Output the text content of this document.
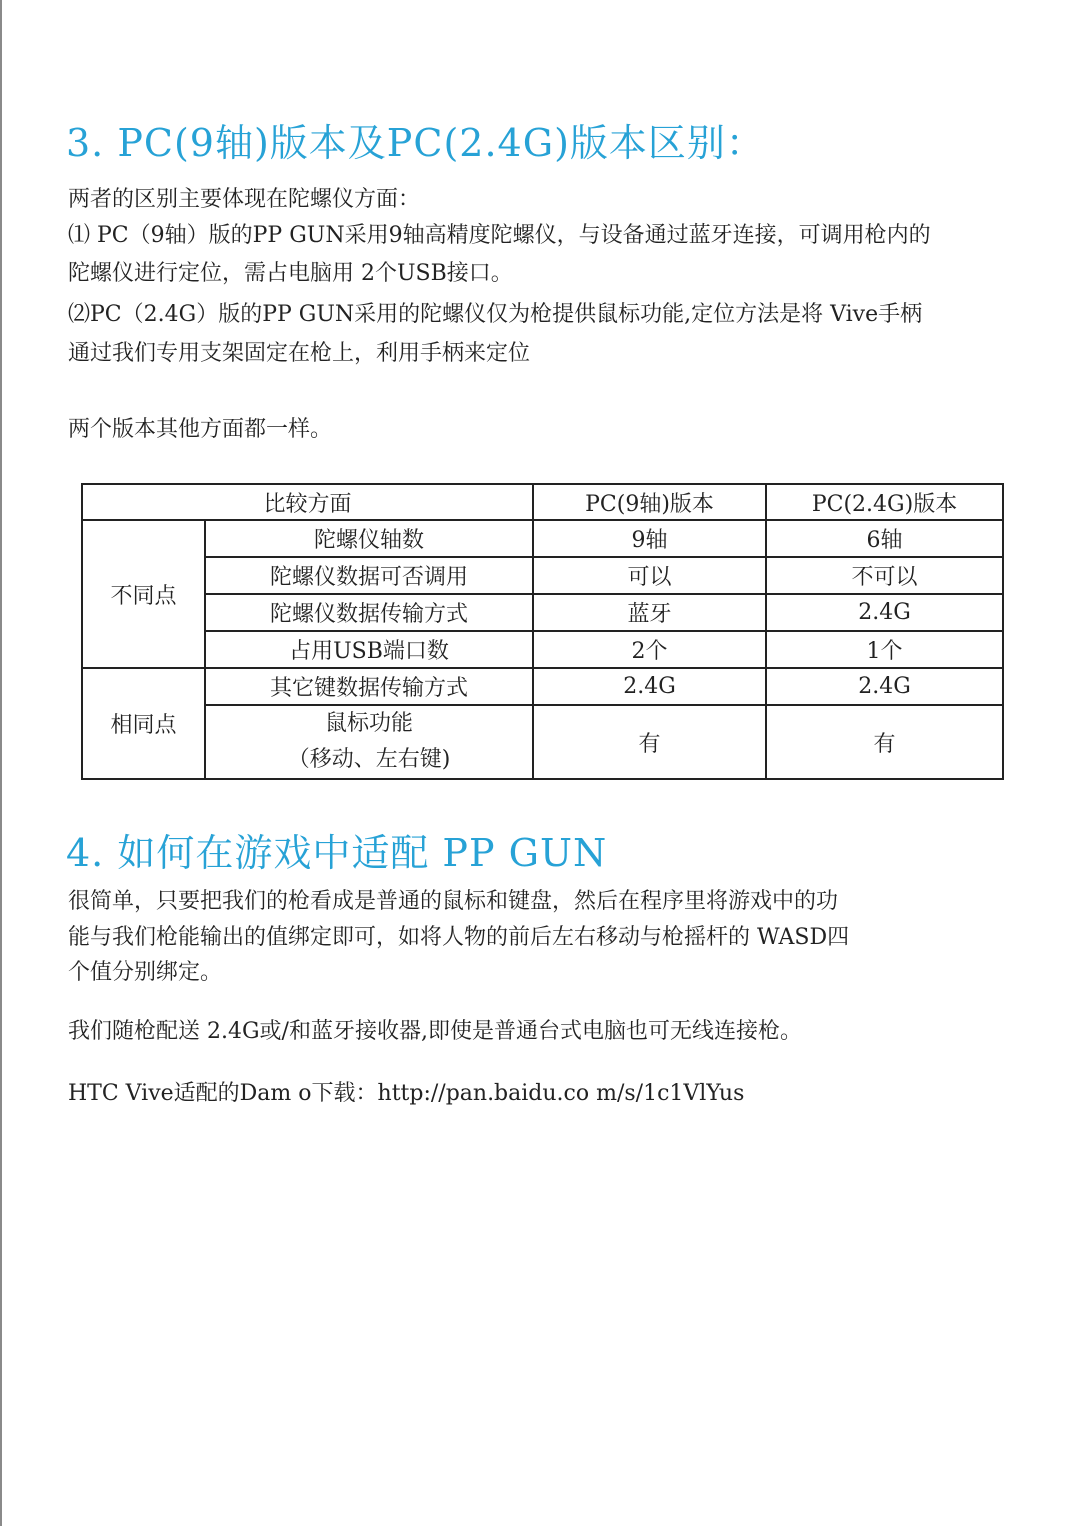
3. PC(9轴)版本及PC(2.4G)版本区别：

两者的区别主要体现在陀螺仪方面：

⑴ PC（9轴）版的PP GUN采用9轴高精度陀螺仪，与设备通过蓝牙连接，可调用枪内的

陀螺仪进行定位，需占电脑用 2个USB接口。

⑵PC（2.4G）版的PP GUN采用的陀螺仪仅为枪提供鼠标功能,定位方法是将 Vive手柄

通过我们专用支架固定在枪上，利用手柄来定位

两个版本其他方面都一样。

比较方面		PC(9轴)版本	PC(2.4G)版本
不同点	陀螺仪轴数	9轴	6轴
	陀螺仪数据可否调用	可以	不可以
	陀螺仪数据传输方式	蓝牙	2.4G
	占用USB端口数	2个	1个
相同点	其它键数据传输方式	2.4G	2.4G

	鼠标功能
（移动、左右键)	有	有
4. 如何在游戏中适配 PP GUN

很简单，只要把我们的枪看成是普通的鼠标和键盘，然后在程序里将游戏中的功

能与我们枪能输出的值绑定即可，如将人物的前后左右移动与枪摇杆的 WASD四

个值分别绑定。

我们随枪配送 2.4G或/和蓝牙接收器,即使是普通台式电脑也可无线连接枪。

HTC Vive适配的Dam o下载：http://pan.baidu.co m/s/1c1VlYus
